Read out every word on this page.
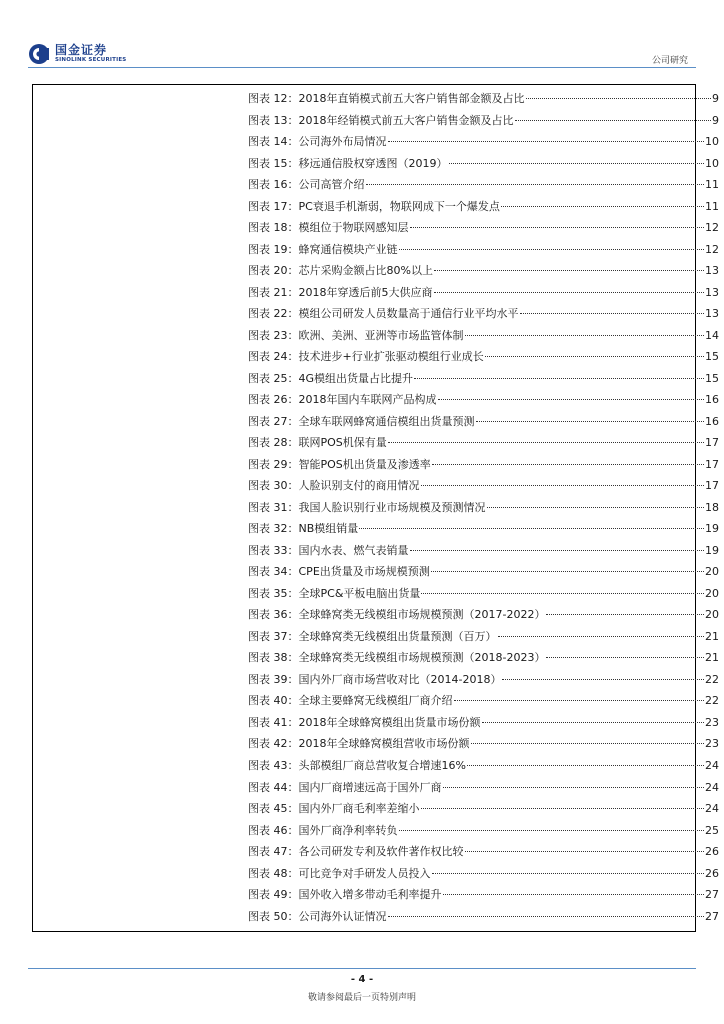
国金证券
SINOLINK SECURITIES	公司研究
图表 12： 2018年直销模式前五大客户销售部金额及占比	9
图表 13： 2018年经销模式前五大客户销售金额及占比	9
图表 14： 公司海外布局情况	10
图表 15： 移远通信股权穿透图（2019）	10
图表 16： 公司高管介绍	11
图表 17： PC衰退手机渐弱，物联网成下一个爆发点	11
图表 18： 模组位于物联网感知层	12
图表 19： 蜂窝通信模块产业链	12
图表 20： 芯片采购金额占比80%以上	13
图表 21： 2018年穿透后前5大供应商	13
图表 22： 模组公司研发人员数量高于通信行业平均水平	13
图表 23： 欧洲、美洲、亚洲等市场监管体制	14
图表 24： 技术进步+行业扩张驱动模组行业成长	15
图表 25： 4G模组出货量占比提升	15
图表 26： 2018年国内车联网产品构成	16
图表 27： 全球车联网蜂窝通信模组出货量预测	16
图表 28： 联网POS机保有量	17
图表 29： 智能POS机出货量及渗透率	17
图表 30： 人脸识别支付的商用情况	17
图表 31： 我国人脸识别行业市场规模及预测情况	18
图表 32： NB模组销量	19
图表 33： 国内水表、燃气表销量	19
图表 34： CPE出货量及市场规模预测	20
图表 35： 全球PC&平板电脑出货量	20
图表 36： 全球蜂窝类无线模组市场规模预测（2017-2022）	20
图表 37： 全球蜂窝类无线模组出货量预测（百万）	21
图表 38： 全球蜂窝类无线模组市场规模预测（2018-2023）	21
图表 39： 国内外厂商市场营收对比（2014-2018）	22
图表 40： 全球主要蜂窝无线模组厂商介绍	22
图表 41： 2018年全球蜂窝模组出货量市场份额	23
图表 42： 2018年全球蜂窝模组营收市场份额	23
图表 43： 头部模组厂商总营收复合增速16%	24
图表 44： 国内厂商增速远高于国外厂商	24
图表 45： 国内外厂商毛利率差缩小	24
图表 46： 国外厂商净利率转负	25
图表 47： 各公司研发专利及软件著作权比较	26
图表 48： 可比竞争对手研发人员投入	26
图表 49： 国外收入增多带动毛利率提升	27
图表 50： 公司海外认证情况	27
- 4 -
敬请参阅最后一页特别声明
